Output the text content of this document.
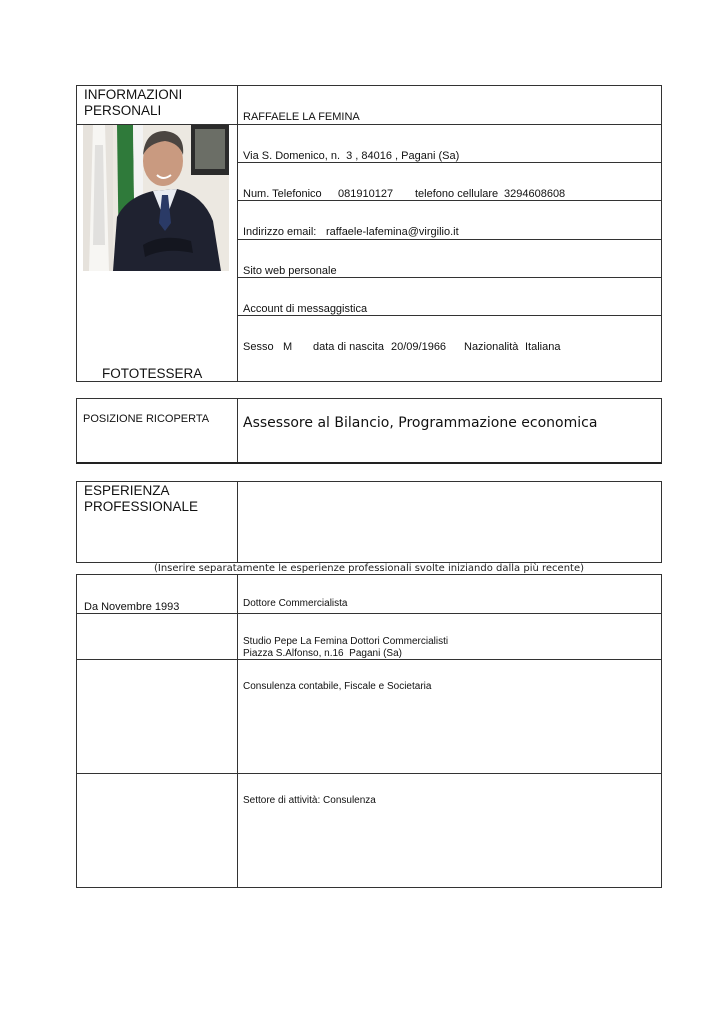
INFORMAZIONI
PERSONALI	RAFFAELE LA FEMINA
Via S. Domenico, n.  3 , 84016 , Pagani (Sa)
Num. Telefonico 081910127 telefono cellulare 3294608608
Indirizzo email: raffaele-lafemina@virgilio.it
Sito web personale
Account di messaggistica
Sesso M data di nascita 20/09/1966 Nazionalità Italiana
FOTOTESSERA
POSIZIONE RICOPERTA Assessore al Bilancio, Programmazione economica
ESPERIENZA
PROFESSIONALE
(Inserire separatamente le esperienze professionali svolte iniziando dalla più recente)
Da Novembre 1993	Dottore Commercialista
Studio Pepe La Femina Dottori Commercialisti
Piazza S.Alfonso, n.16  Pagani (Sa)
Consulenza contabile, Fiscale e Societaria
Settore di attività: Consulenza
